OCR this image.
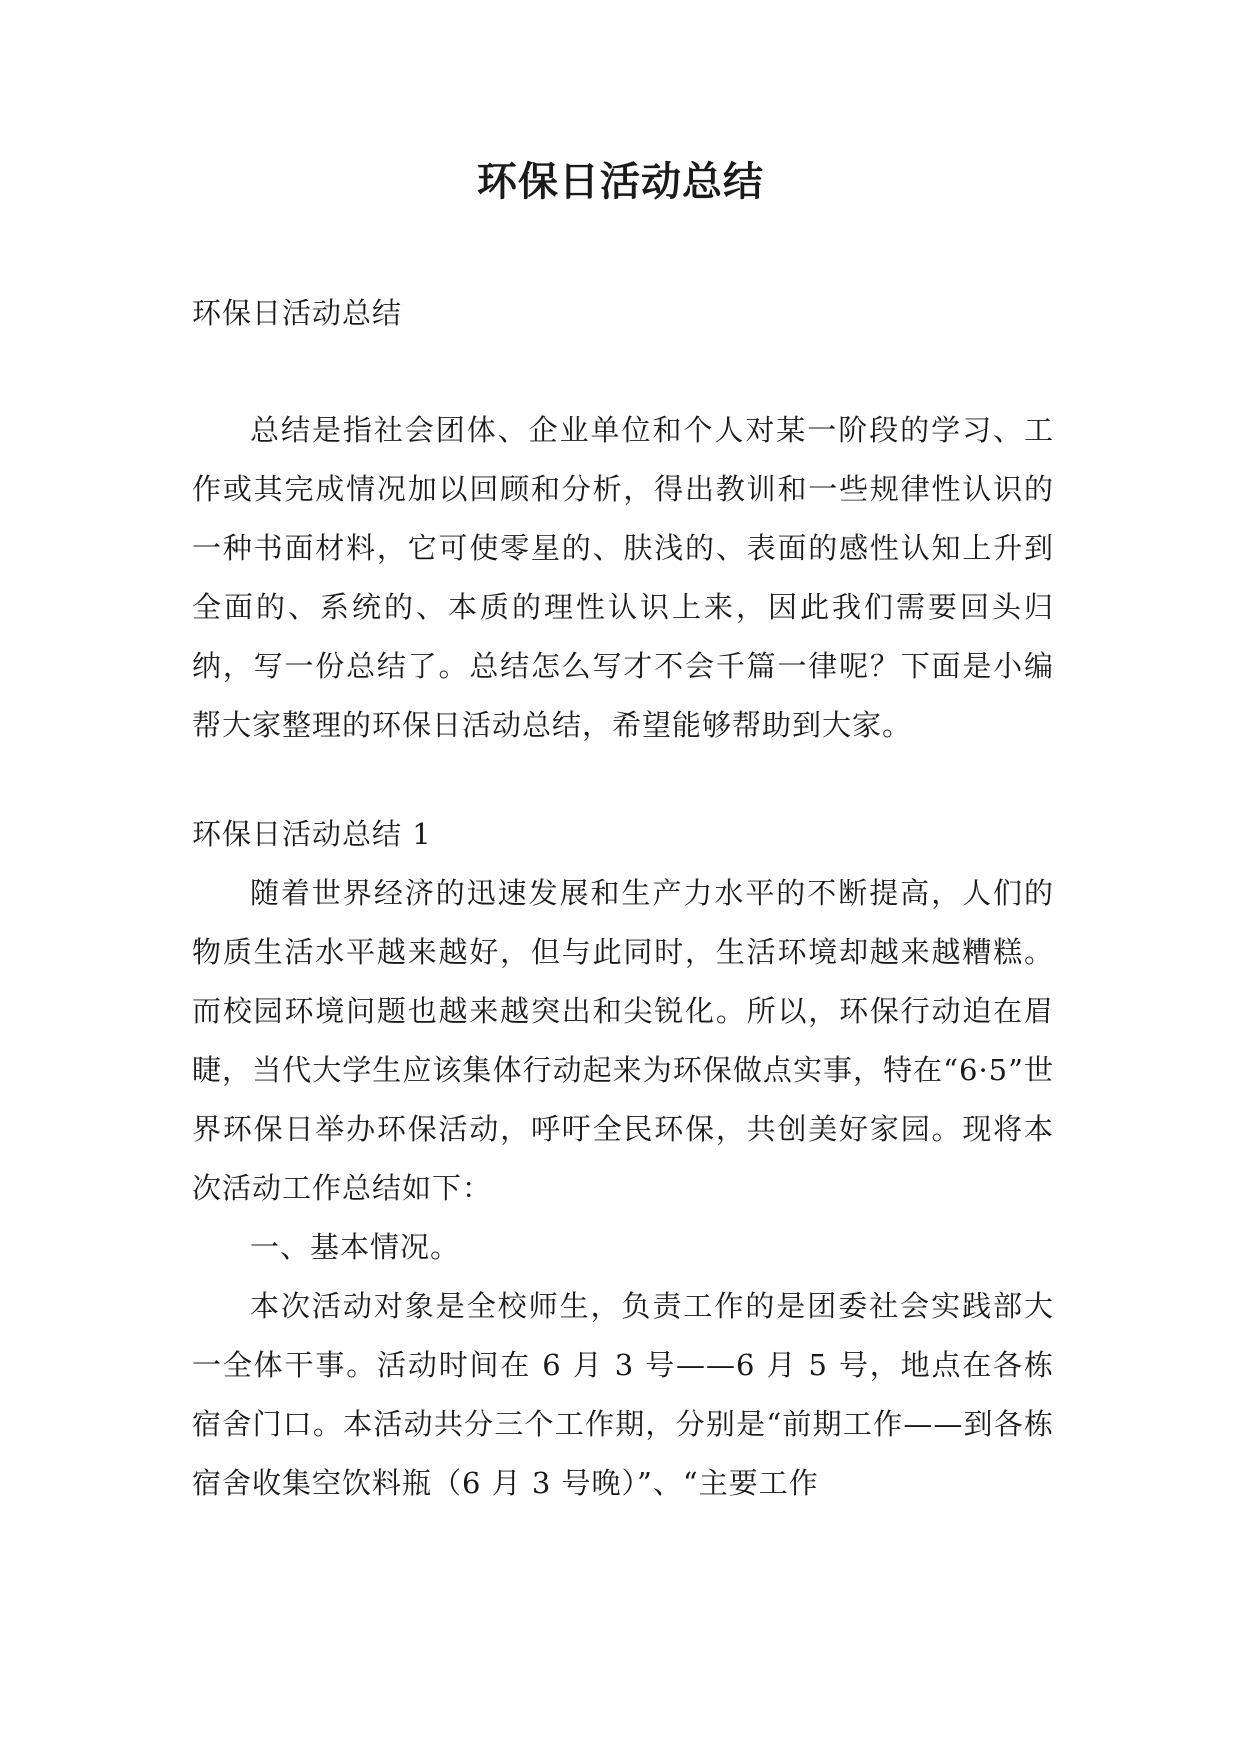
环保日活动总结

环保日活动总结

总结是指社会团体、企业单位和个人对某一阶段的学习、工作或其完成情况加以回顾和分析，得出教训和一些规律性认识的一种书面材料，它可使零星的、肤浅的、表面的感性认知上升到全面的、系统的、本质的理性认识上来，因此我们需要回头归纳，写一份总结了。总结怎么写才不会千篇一律呢？下面是小编帮大家整理的环保日活动总结，希望能够帮助到大家。

环保日活动总结 1

随着世界经济的迅速发展和生产力水平的不断提高，人们的物质生活水平越来越好，但与此同时，生活环境却越来越糟糕。而校园环境问题也越来越突出和尖锐化。所以，环保行动迫在眉睫，当代大学生应该集体行动起来为环保做点实事，特在“6·5”世界环保日举办环保活动，呼吁全民环保，共创美好家园。现将本次活动工作总结如下：

一、基本情况。

本次活动对象是全校师生，负责工作的是团委社会实践部大一全体干事。活动时间在 6 月 3 号——6 月 5 号，地点在各栋宿舍门口。本活动共分三个工作期，分别是“前期工作——到各栋宿舍收集空饮料瓶（6 月 3 号晚）”、“主要工作
